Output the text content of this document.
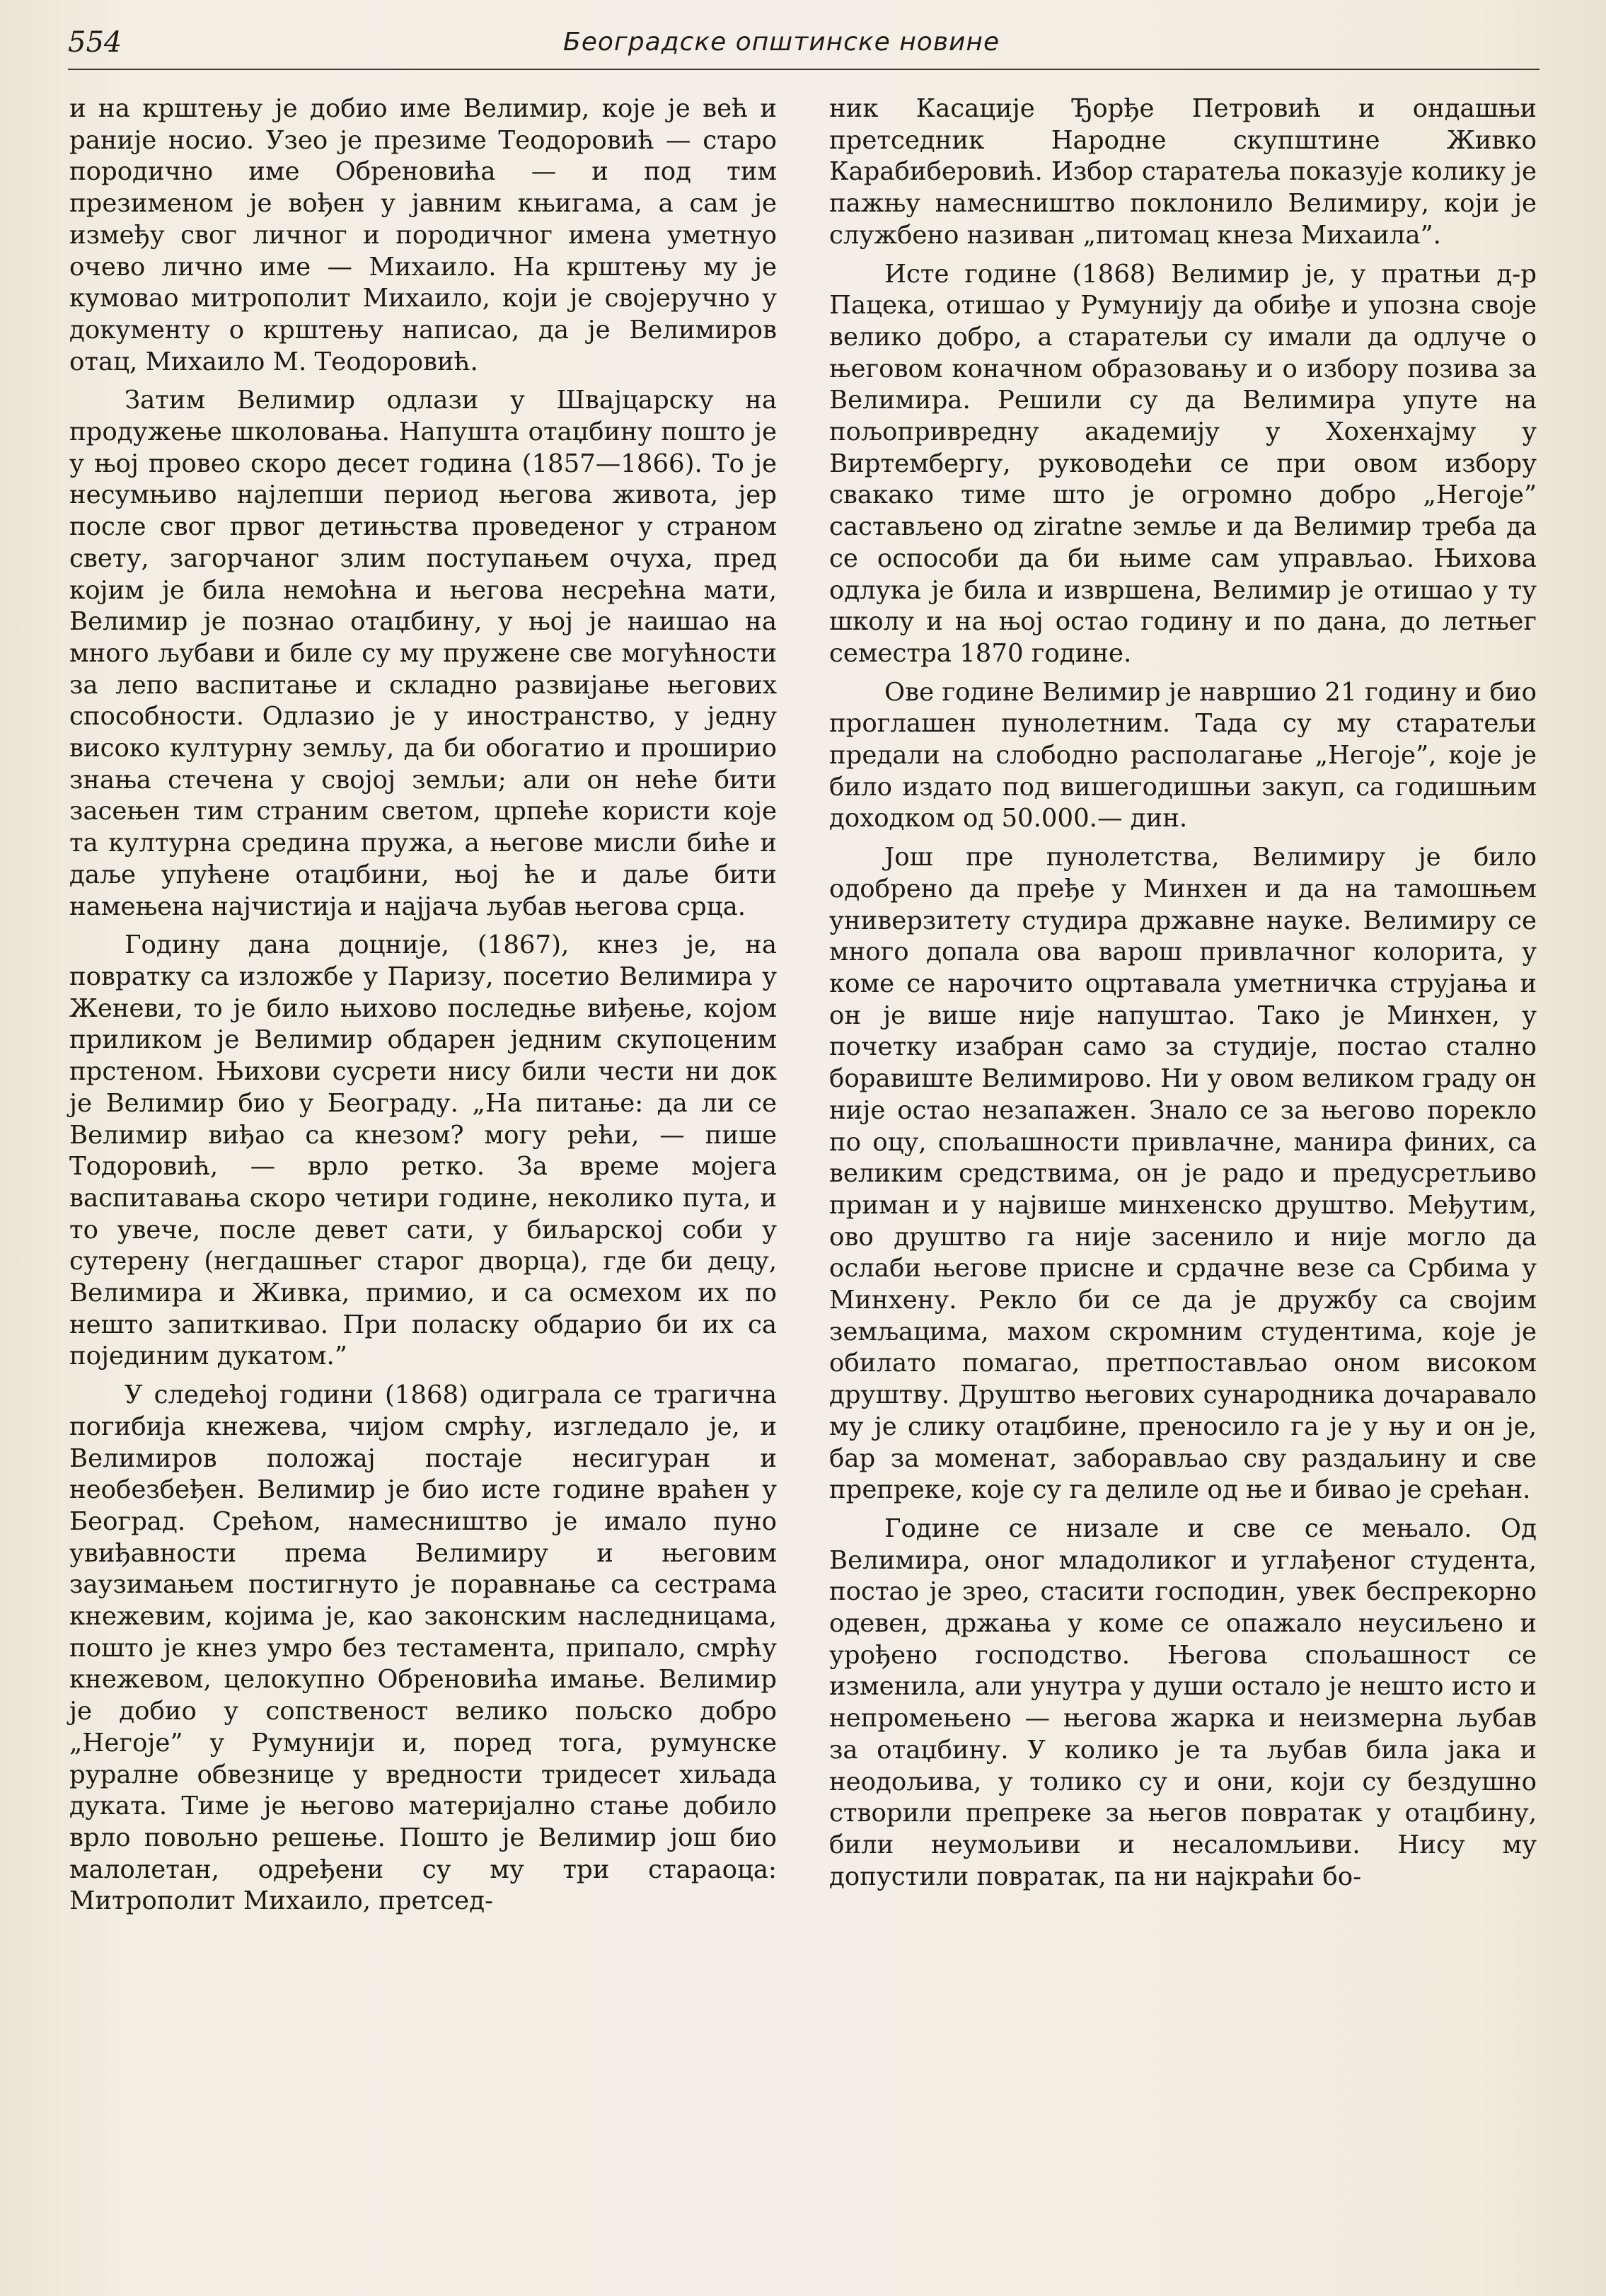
554	Београдске општинске новине

и на крштењу је добио име Велимир, које је већ и раније носио. Узео је презиме Теодоровић — старо породично име Обреновића — и под тим презименом је вођен у јавним књигама, а сам је између свог личног и породичног имена уметнуо очево лично име — Михаило. На крштењу му је кумовао митрополит Михаило, који је својеручно у документу о крштењу написао, да је Велимиров отац, Михаило М. Теодоровић.

Затим Велимир одлази у Швајцарску на продужење школовања. Напушта отаџбину пошто је у њој провео скоро десет година (1857—1866). То је несумњиво најлепши период његова живота, јер после свог првог детињства проведеног у страном свету, загорчаног злим поступањем очуха, пред којим је била немоћна и његова несрећна мати, Велимир је познао отаџбину, у њој је наишао на много љубави и биле су му пружене све могућности за лепо васпитање и складно развијање његових способности. Одлазио је у иностранство, у једну високо културну земљу, да би обогатио и проширио знања стечена у својој земљи; али он неће бити засењен тим страним светом, црпеће користи које та културна средина пружа, а његове мисли биће и даље упућене отаџбини, њој ће и даље бити намењена најчистија и најјача љубав његова срца.

Годину дана доцније, (1867), кнез је, на повратку са изложбе у Паризу, посетио Велимира у Женеви, то је било њихово последње виђење, којом приликом је Велимир обдарен једним скупоценим прстеном. Њихови сусрети нису били чести ни док је Велимир био у Београду. „На питање: да ли се Велимир виђао са кнезом? могу рећи, — пише Тодоровић, — врло ретко. За време мојега васпитавања скоро четири године, неколико пута, и то увече, после девет сати, у биљарској соби у сутерену (негдашњег старог дворца), где би децу, Велимира и Живка, примио, и са осмехом их по нешто запиткивао. При поласку обдарио би их са појединим дукатом.”

У следећој години (1868) одиграла се трагична погибија кнежева, чијом смрћу, изгледало је, и Велимиров положај постаје несигуран и необезбеђен. Велимир је био исте године враћен у Београд. Срећом, намесништво је имало пуно увиђавности према Велимиру и његовим заузимањем постигнуто је поравнање са сестрама кнежевим, којима је, као законским наследницама, пошто је кнез умро без тестамента, припало, смрћу кнежевом, целокупно Обреновића имање. Велимир је добио у сопственост велико пољско добро „Негоје” у Румунији и, поред тога, румунске руралне обвезнице у вредности тридесет хиљада дуката. Тиме је његово материјално стање добило врло повољно решење. Пошто је Велимир још био малолетан, одређени су му три стараоца: Митрополит Михаило, претсед-

ник Касације Ђорђе Петровић и ондашњи претседник Народне скупштине Живко Карабиберовић. Избор старатеља показује колику је пажњу намесништво поклонило Велимиру, који је службено називан „питомац кнеза Михаила”.

Исте године (1868) Велимир је, у пратњи д-р Пацека, отишао у Румунију да обиђе и упозна своје велико добро, а старатељи су имали да одлуче о његовом коначном образовању и о избору позива за Велимира. Решили су да Велимира упуте на пољопривредну академију у Хохенхајму у Виртембергу, руководећи се при овом избору свакако тиме што је огромно добро „Негоје” састављено од ziratne земље и да Велимир треба да се оспособи да би њиме сам управљао. Њихова одлука је била и извршена, Велимир је отишао у ту школу и на њој остао годину и по дана, до летњег семестра 1870 године.

Ове године Велимир је навршио 21 годину и био проглашен пунолетним. Тада су му старатељи предали на слободно располагање „Негоје”, које је било издато под вишегодишњи закуп, са годишњим доходком од 50.000.— дин.

Још пре пунолетства, Велимиру је било одобрено да пређе у Минхен и да на тамошњем универзитету студира државне науке. Велимиру се много допала ова варош привлачног колорита, у коме се нарочито оцртавала уметничка струјања и он је више није напуштао. Тако је Минхен, у почетку изабран само за студије, постао стално боравиште Велимирово. Ни у овом великом граду он није остао незапажен. Знало се за његово порекло по оцу, спољашности привлачне, манира финих, са великим средствима, он је радо и предусретљиво приман и у највише минхенско друштво. Међутим, ово друштво га није засенило и није могло да ослаби његове присне и срдачне везе са Србима у Минхену. Рекло би се да је дружбу са својим земљацима, махом скромним студентима, које је обилато помагао, претпостављао оном високом друштву. Друштво његових сународника дочаравало му је слику отаџбине, преносило га је у њу и он је, бар за моменат, заборављао сву раздаљину и све препреке, које су га делиле од ње и бивао је срећан.

Године се низале и све се мењало. Од Велимира, оног младоликог и углађеног студента, постао је зрео, стасити господин, увек беспрекорно одевен, држања у коме се опажало неусиљено и урођено господство. Његова спољашност се изменила, али унутра у души остало је нешто исто и непромењено — његова жарка и неизмерна љубав за отаџбину. У колико је та љубав била јака и неодољива, у толико су и они, који су бездушно створили препреке за његов повратак у отаџбину, били неумољиви и несаломљиви. Нису му допустили повратак, па ни најкраћи бо-
